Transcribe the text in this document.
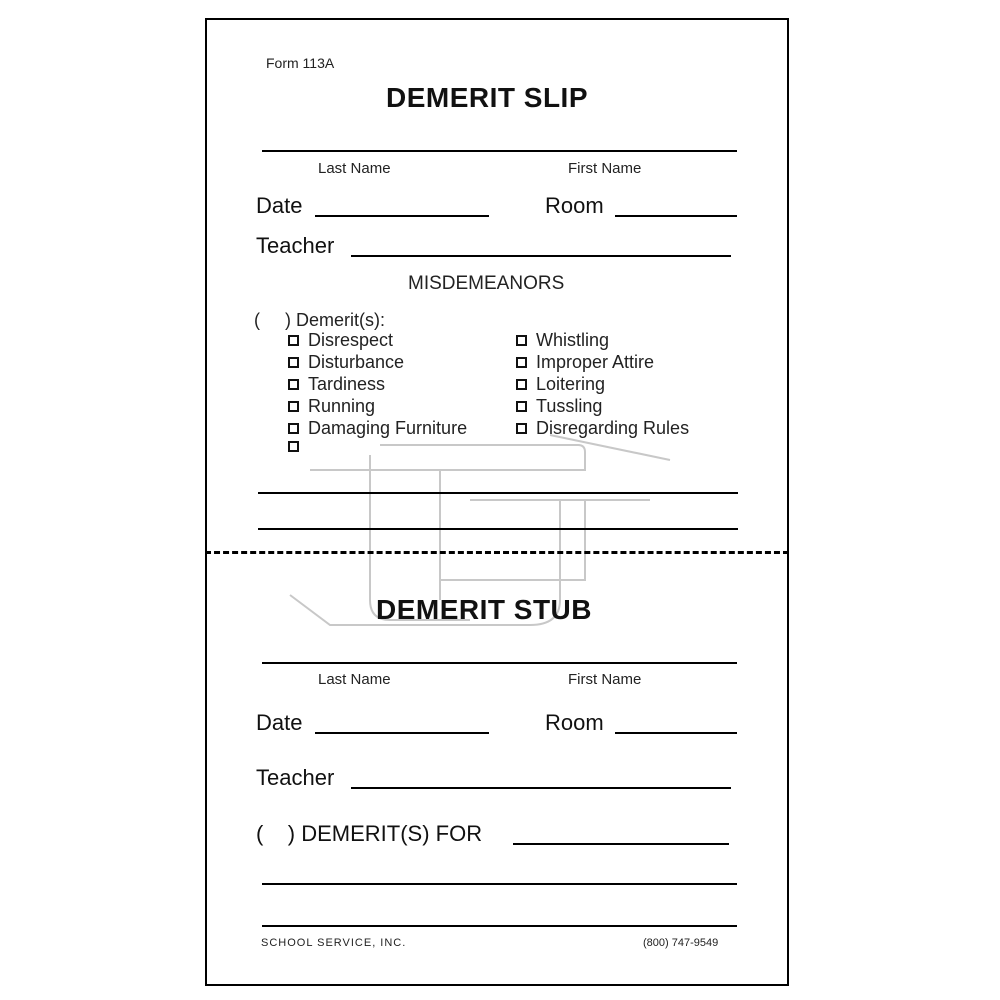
Form 113A
DEMERIT SLIP
Last Name	First Name
Date	Room
Teacher
MISDEMEANORS
(     ) Demerit(s):
Disrespect
Disturbance
Tardiness
Running
Damaging Furniture
Whistling
Improper Attire
Loitering
Tussling
Disregarding Rules
DEMERIT STUB
Last Name	First Name
Date	Room
Teacher
(    ) DEMERIT(S) FOR
SCHOOL SERVICE, INC.	(800) 747-9549
